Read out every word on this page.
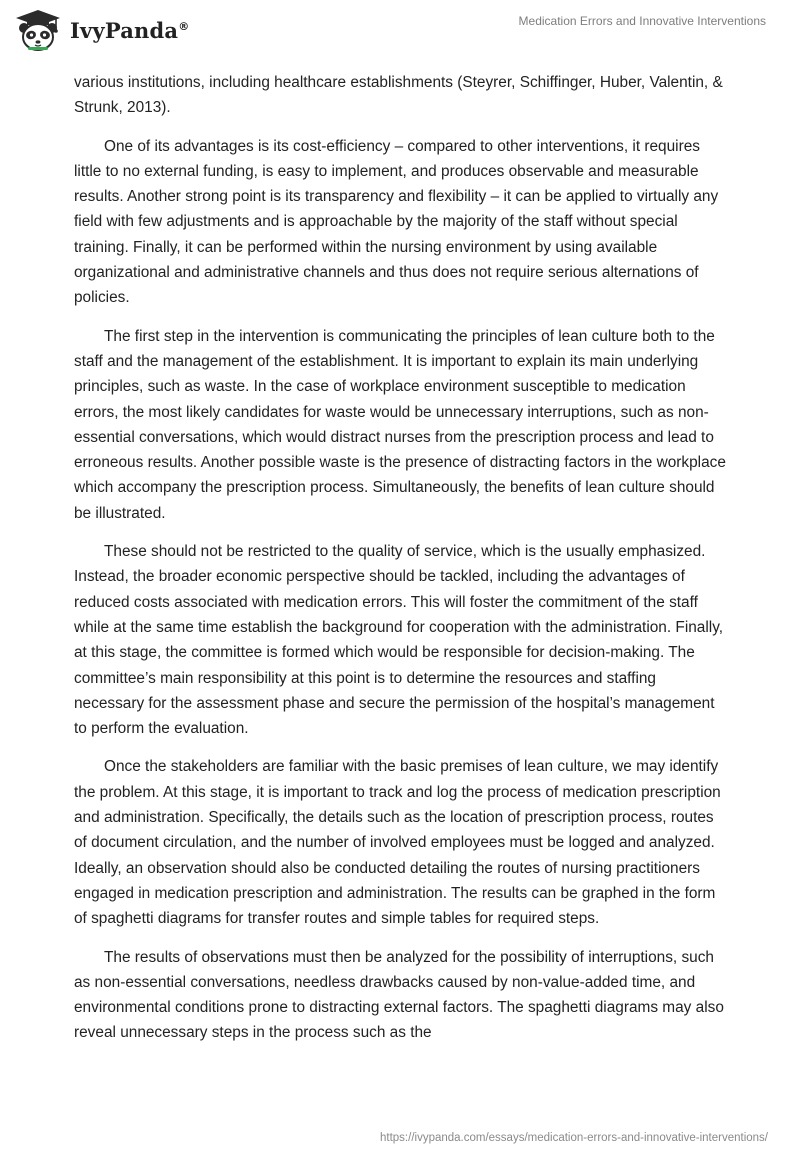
IvyPanda®	Medication Errors and Innovative Interventions

various institutions, including healthcare establishments (Steyrer, Schiffinger, Huber, Valentin, & Strunk, 2013).

One of its advantages is its cost-efficiency – compared to other interventions, it requires little to no external funding, is easy to implement, and produces observable and measurable results. Another strong point is its transparency and flexibility – it can be applied to virtually any field with few adjustments and is approachable by the majority of the staff without special training. Finally, it can be performed within the nursing environment by using available organizational and administrative channels and thus does not require serious alternations of policies.

The first step in the intervention is communicating the principles of lean culture both to the staff and the management of the establishment. It is important to explain its main underlying principles, such as waste. In the case of workplace environment susceptible to medication errors, the most likely candidates for waste would be unnecessary interruptions, such as non-essential conversations, which would distract nurses from the prescription process and lead to erroneous results. Another possible waste is the presence of distracting factors in the workplace which accompany the prescription process. Simultaneously, the benefits of lean culture should be illustrated.

These should not be restricted to the quality of service, which is the usually emphasized. Instead, the broader economic perspective should be tackled, including the advantages of reduced costs associated with medication errors. This will foster the commitment of the staff while at the same time establish the background for cooperation with the administration. Finally, at this stage, the committee is formed which would be responsible for decision-making. The committee’s main responsibility at this point is to determine the resources and staffing necessary for the assessment phase and secure the permission of the hospital’s management to perform the evaluation.

Once the stakeholders are familiar with the basic premises of lean culture, we may identify the problem. At this stage, it is important to track and log the process of medication prescription and administration. Specifically, the details such as the location of prescription process, routes of document circulation, and the number of involved employees must be logged and analyzed. Ideally, an observation should also be conducted detailing the routes of nursing practitioners engaged in medication prescription and administration. The results can be graphed in the form of spaghetti diagrams for transfer routes and simple tables for required steps.

The results of observations must then be analyzed for the possibility of interruptions, such as non-essential conversations, needless drawbacks caused by non-value-added time, and environmental conditions prone to distracting external factors. The spaghetti diagrams may also reveal unnecessary steps in the process such as the

https://ivypanda.com/essays/medication-errors-and-innovative-interventions/
